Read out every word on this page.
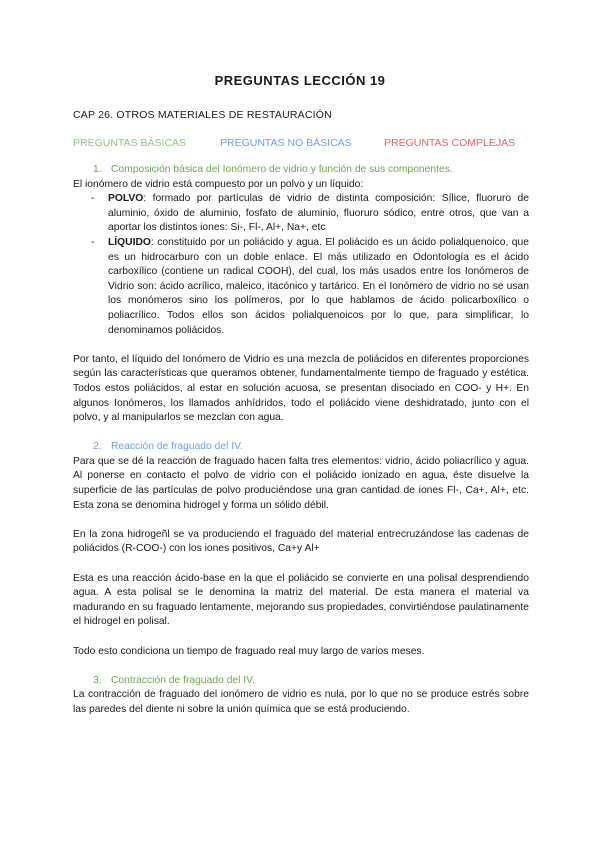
PREGUNTAS LECCIÓN 19
CAP 26. OTROS MATERIALES DE RESTAURACIÓN
PREGUNTAS BÁSICAS	PREGUNTAS NO BÁSICAS	PREGUNTAS COMPLEJAS

1. Composición básica del Ionómero de vidrio y función de sus componentes.

El ionómero de vidrio está compuesto por un polvo y un líquido:

- POLVO: formado por partículas de vidrio de distinta composición: Sílice, fluoruro de aluminio, óxido de aluminio, fosfato de aluminio, fluoruro sódico, entre otros, que van a aportar los distintos iones: Si-, Fl-, Al+, Na+, etc
- LÍQUIDO: constituido por un poliácido y agua. El poliácido es un ácido polialquenoico, que es un hidrocarburo con un doble enlace. El más utilizado en Odontología es el ácido carboxílico (contiene un radical COOH), del cual, los más usados entre los Ionómeros de Vidrio son: ácido acrílico, maleico, itacónico y tartárico. En el Ionómero de vidrio no se usan los monómeros sino los polímeros, por lo que hablamos de ácido policarboxílico o poliacrílico. Todos ellos son ácidos polialquenoicos por lo que, para simplificar, lo denominamos poliácidos.

Por tanto, el líquido del Ionómero de Vidrio es una mezcla de poliácidos en diferentes proporciones según las características que queramos obtener, fundamentalmente tiempo de fraguado y estética. Todos estos poliácidos, al estar en solución acuosa, se presentan disociado en COO- y H+. En algunos Ionómeros, los llamados anhídridos, todo el poliácido viene deshidratado, junto con el polvo, y al manipularlos se mezclan con agua.

2. Reacción de fraguado del IV.

Para que se dé la reacción de fraguado hacen falta tres elementos: vidrio, ácido poliacrílico y agua. Al ponerse en contacto el polvo de vidrio con el poliácido ionizado en agua, éste disuelve la superficie de las partículas de polvo produciéndose una gran cantidad de iones Fl-, Ca+, Al+, etc. Esta zona se denomina hidrogel y forma un sólido débil.

En la zona hidrogeñl se va produciendo el fraguado del material entrecruzándose las cadenas de poliácidos (R-COO-) con los iones positivos, Ca+y Al+

Esta es una reacción ácido-base en la que el poliácido se convierte en una polisal desprendiendo agua. A esta polisal se le denomina la matriz del material. De esta manera el material va madurando en su fraguado lentamente, mejorando sus propiedades, convirtiéndose paulatinamente el hidrogel en polisal.

Todo esto condiciona un tiempo de fraguado real muy largo de varios meses.

3. Contracción de fraguado del IV.

La contracción de fraguado del ionómero de vidrio es nula, por lo que no se produce estrés sobre las paredes del diente ni sobre la unión química que se está produciendo.
